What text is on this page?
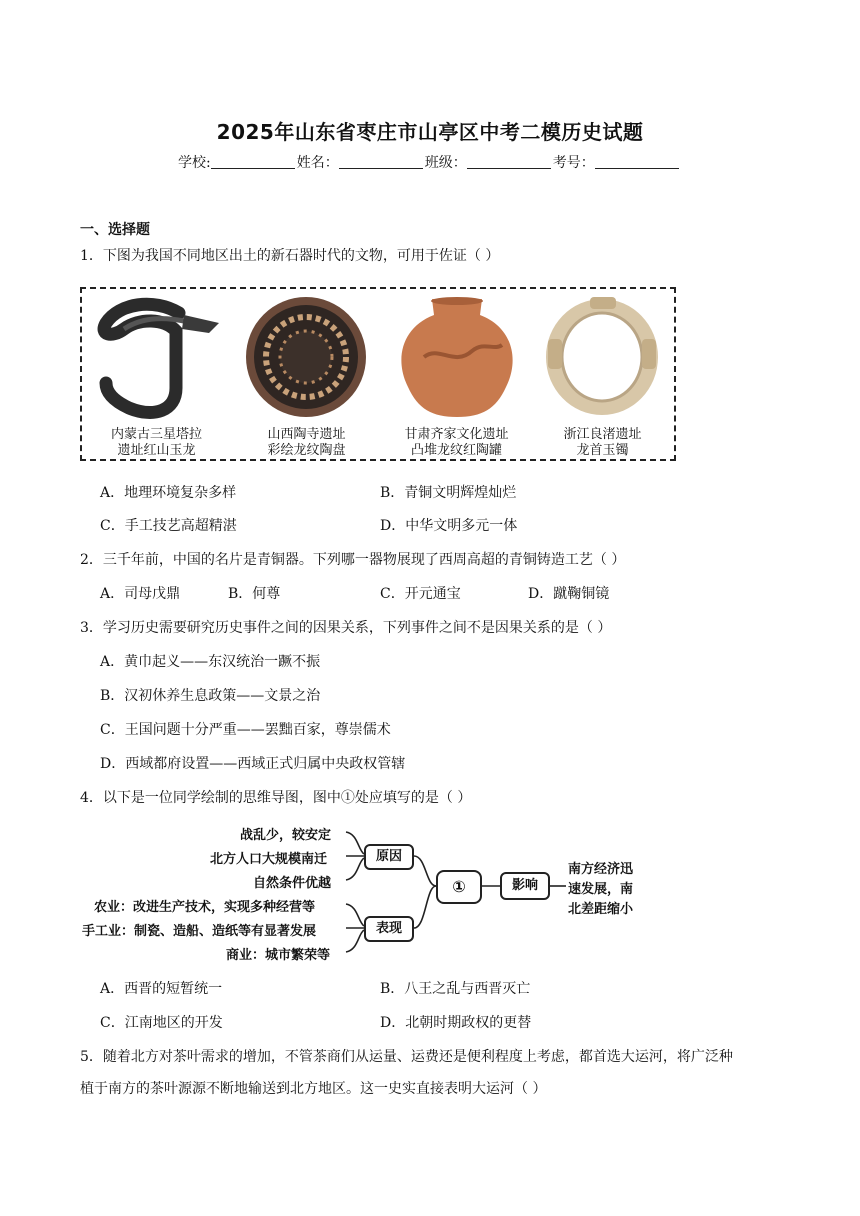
2025年山东省枣庄市山亭区中考二模历史试题
学校:	姓名：	班级：	考号：
一、选择题
1．下图为我国不同地区出土的新石器时代的文物，可用于佐证（ ）
内蒙古三星塔拉
遗址红山玉龙
山西陶寺遗址
彩绘龙纹陶盘
甘肃齐家文化遗址
凸堆龙纹红陶罐
浙江良渚遗址
龙首玉镯
A．地理环境复杂多样	B．青铜文明辉煌灿烂
C．手工技艺高超精湛	D．中华文明多元一体
2．三千年前，中国的名片是青铜器。下列哪一器物展现了西周高超的青铜铸造工艺（ ）
A．司母戊鼎	B．何尊	C．开元通宝	D．蹴鞠铜镜
3．学习历史需要研究历史事件之间的因果关系，下列事件之间不是因果关系的是（ ）
A．黄巾起义——东汉统治一蹶不振
B．汉初休养生息政策——文景之治
C．王国问题十分严重——罢黜百家，尊崇儒术
D．西域都府设置——西域正式归属中央政权管辖
4．以下是一位同学绘制的思维导图，图中①处应填写的是（ ）
战乱少，较安定
北方人口大规模南迁
自然条件优越
农业：改进生产技术，实现多种经营等
手工业：制瓷、造船、造纸等有显著发展
商业：城市繁荣等
原因
表现
①	影响
南方经济迅
速发展，南
北差距缩小
A．西晋的短暂统一	B．八王之乱与西晋灭亡
C．江南地区的开发	D．北朝时期政权的更替
5．随着北方对茶叶需求的增加，不管茶商们从运量、运费还是便利程度上考虑，都首选大运河，将广泛种
植于南方的茶叶源源不断地输送到北方地区。这一史实直接表明大运河（ ）
